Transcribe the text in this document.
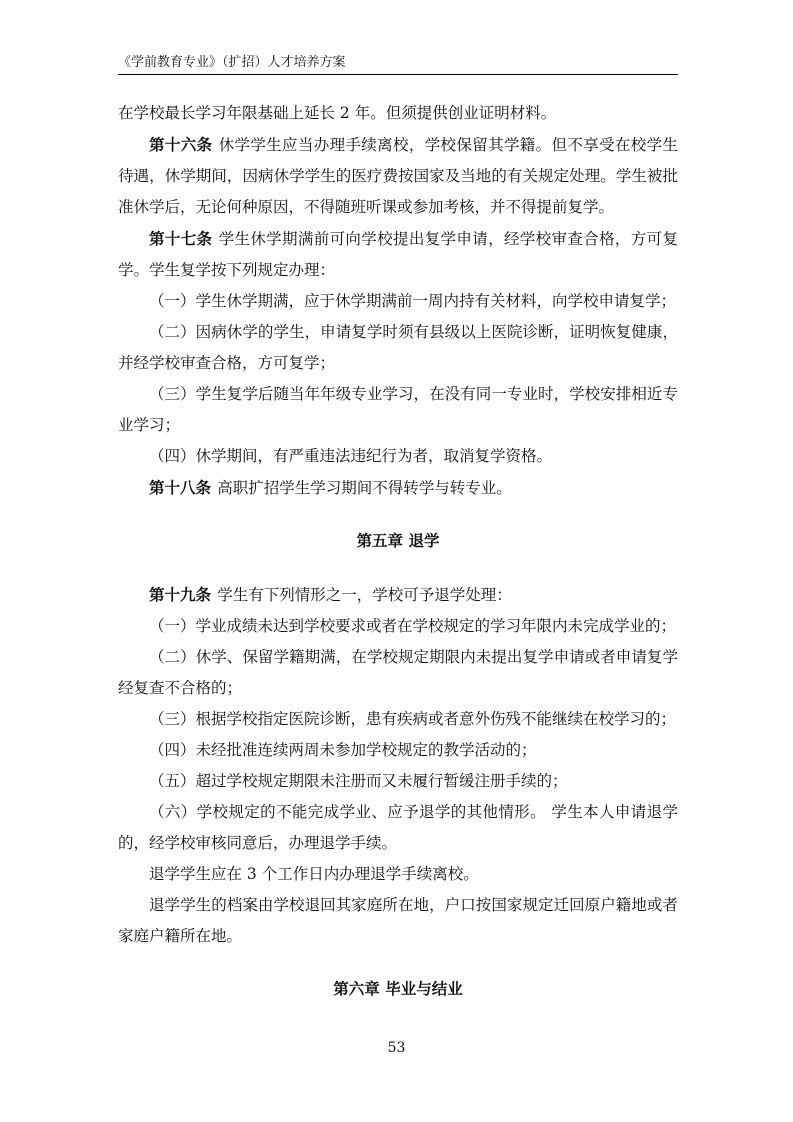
《学前教育专业》（扩招）人才培养方案

在学校最长学习年限基础上延长 2 年。但须提供创业证明材料。

第十六条 休学学生应当办理手续离校，学校保留其学籍。但不享受在校学生待遇，休学期间，因病休学学生的医疗费按国家及当地的有关规定处理。学生被批准休学后，无论何种原因，不得随班听课或参加考核，并不得提前复学。

第十七条 学生休学期满前可向学校提出复学申请，经学校审查合格，方可复学。学生复学按下列规定办理：

（一）学生休学期满，应于休学期满前一周内持有关材料，向学校申请复学；

（二）因病休学的学生，申请复学时须有县级以上医院诊断，证明恢复健康，并经学校审查合格，方可复学；

（三）学生复学后随当年年级专业学习，在没有同一专业时，学校安排相近专业学习；

（四）休学期间，有严重违法违纪行为者，取消复学资格。

第十八条 高职扩招学生学习期间不得转学与转专业。

第五章 退学

第十九条 学生有下列情形之一，学校可予退学处理：

（一）学业成绩未达到学校要求或者在学校规定的学习年限内未完成学业的；

（二）休学、保留学籍期满，在学校规定期限内未提出复学申请或者申请复学经复查不合格的；

（三）根据学校指定医院诊断，患有疾病或者意外伤残不能继续在校学习的；

（四）未经批准连续两周未参加学校规定的教学活动的；

（五）超过学校规定期限未注册而又未履行暂缓注册手续的；

（六）学校规定的不能完成学业、应予退学的其他情形。 学生本人申请退学的，经学校审核同意后，办理退学手续。

退学学生应在 3 个工作日内办理退学手续离校。

退学学生的档案由学校退回其家庭所在地，户口按国家规定迁回原户籍地或者家庭户籍所在地。

第六章 毕业与结业
53
